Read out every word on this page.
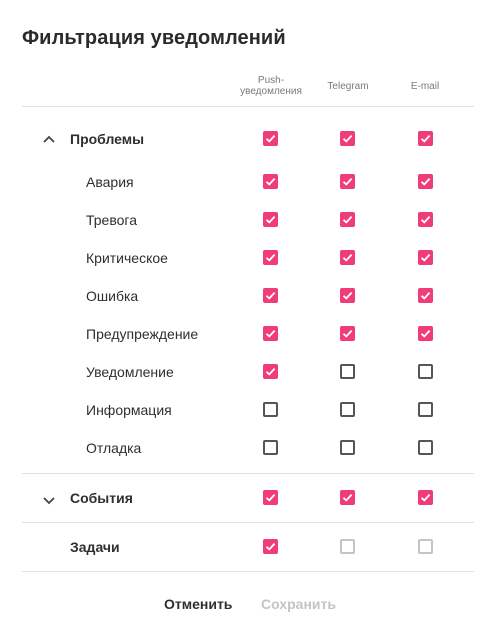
Фильтрация уведомлений
Push-
уведомления	Telegram	E-mail
Проблемы
Авария
Тревога
Критическое
Ошибка
Предупреждение
Уведомление
Информация
Отладка
События
Задачи
Отменить Сохранить
